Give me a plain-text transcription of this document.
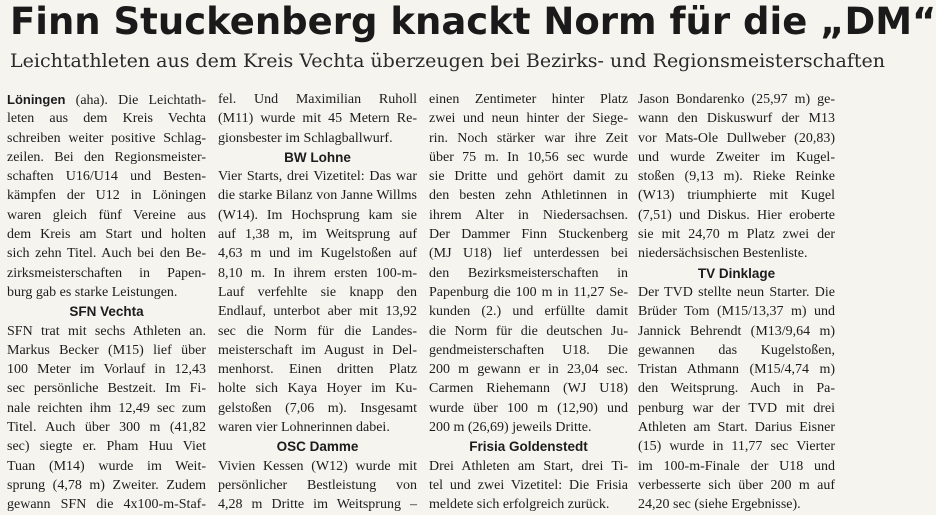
Finn Stuckenberg knackt Norm für die „DM“
Leichtathleten aus dem Kreis Vechta überzeugen bei Bezirks- und Regionsmeisterschaften
Löningen (aha). Die Leichtath-
leten aus dem Kreis Vechta
schreiben weiter positive Schlag-
zeilen. Bei den Regionsmeister-
schaften U16/U14 und Besten-
kämpfen der U12 in Löningen
waren gleich fünf Vereine aus
dem Kreis am Start und holten
sich zehn Titel. Auch bei den Be-
zirksmeisterschaften in Papen-
burg gab es starke Leistungen.
SFN Vechta
SFN trat mit sechs Athleten an.
Markus Becker (M15) lief über
100 Meter im Vorlauf in 12,43
sec persönliche Bestzeit. Im Fi-
nale reichten ihm 12,49 sec zum
Titel. Auch über 300 m (41,82
sec) siegte er. Pham Huu Viet
Tuan (M14) wurde im Weit-
sprung (4,78 m) Zweiter. Zudem
gewann SFN die 4x100-m-Staf-
fel. Und Maximilian Ruholl
(M11) wurde mit 45 Metern Re-
gionsbester im Schlagballwurf.
BW Lohne
Vier Starts, drei Vizetitel: Das war
die starke Bilanz von Janne Willms
(W14). Im Hochsprung kam sie
auf 1,38 m, im Weitsprung auf
4,63 m und im Kugelstoßen auf
8,10 m. In ihrem ersten 100-m-
Lauf verfehlte sie knapp den
Endlauf, unterbot aber mit 13,92
sec die Norm für die Landes-
meisterschaft im August in Del-
menhorst. Einen dritten Platz
holte sich Kaya Hoyer im Ku-
gelstoßen (7,06 m). Insgesamt
waren vier Lohnerinnen dabei.
OSC Damme
Vivien Kessen (W12) wurde mit
persönlicher Bestleistung von
4,28 m Dritte im Weitsprung –
einen Zentimeter hinter Platz
zwei und neun hinter der Siege-
rin. Noch stärker war ihre Zeit
über 75 m. In 10,56 sec wurde
sie Dritte und gehört damit zu
den besten zehn Athletinnen in
ihrem Alter in Niedersachsen.
Der Dammer Finn Stuckenberg
(MJ U18) lief unterdessen bei
den Bezirksmeisterschaften in
Papenburg die 100 m in 11,27 Se-
kunden (2.) und erfüllte damit
die Norm für die deutschen Ju-
gendmeisterschaften U18. Die
200 m gewann er in 23,04 sec.
Carmen Riehemann (WJ U18)
wurde über 100 m (12,90) und
200 m (26,69) jeweils Dritte.
Frisia Goldenstedt
Drei Athleten am Start, drei Ti-
tel und zwei Vizetitel: Die Frisia
meldete sich erfolgreich zurück.
Jason Bondarenko (25,97 m) ge-
wann den Diskuswurf der M13
vor Mats-Ole Dullweber (20,83)
und wurde Zweiter im Kugel-
stoßen (9,13 m). Rieke Reinke
(W13) triumphierte mit Kugel
(7,51) und Diskus. Hier eroberte
sie mit 24,70 m Platz zwei der
niedersächsischen Bestenliste.
TV Dinklage
Der TVD stellte neun Starter. Die
Brüder Tom (M15/13,37 m) und
Jannick Behrendt (M13/9,64 m)
gewannen das Kugelstoßen,
Tristan Athmann (M15/4,74 m)
den Weitsprung. Auch in Pa-
penburg war der TVD mit drei
Athleten am Start. Darius Eisner
(15) wurde in 11,77 sec Vierter
im 100-m-Finale der U18 und
verbesserte sich über 200 m auf
24,20 sec (siehe Ergebnisse).
